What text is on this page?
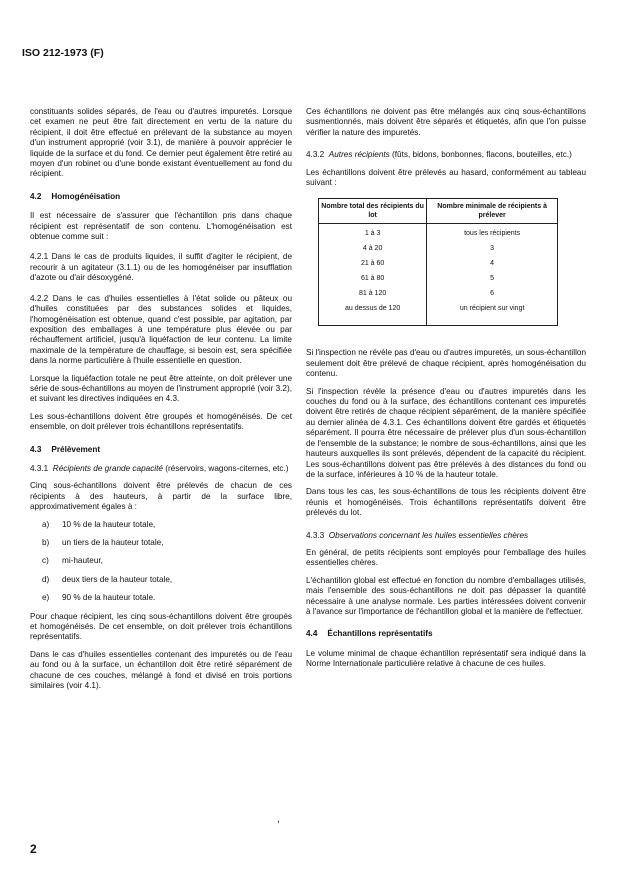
ISO 212-1973 (F)

constituants solides séparés, de l'eau ou d'autres impuretés. Lorsque cet examen ne peut être fait directement en vertu de la nature du récipient, il doit être effectué en prélevant de la substance au moyen d'un instrument approprié (voir 3.1), de manière à pouvoir apprécier le liquide de la surface et du fond. Ce dernier peut également être retiré au moyen d'un robinet ou d'une bonde existant éventuellement au fond du récipient.

4.2 Homogénéisation

Il est nécessaire de s'assurer que l'échantillon pris dans chaque récipient est représentatif de son contenu. L'homogénéisation est obtenue comme suit :

4.2.1 Dans le cas de produits liquides, il suffit d'agiter le récipient, de recourir à un agitateur (3.1.1) ou de les homogénéiser par insufflation d'azote ou d'air désoxygéné.

4.2.2 Dans le cas d'huiles essentielles à l'état solide ou pâteux ou d'huiles constituées par des substances solides et liquides, l'homogénéisation est obtenue, quand c'est possible, par agitation, par exposition des emballages à une température plus élevée ou par réchauffement artificiel, jusqu'à liquéfaction de leur contenu. La limite maximale de la température de chauffage, si besoin est, sera spécifiée dans la norme particulière à l'huile essentielle en question.

Lorsque la liquéfaction totale ne peut être atteinte, on doit prélever une série de sous-échantillons au moyen de l'instrument approprié (voir 3.2), et suivant les directives indiquées en 4.3.

Les sous-échantillons doivent être groupés et homogénéisés. De cet ensemble, on doit prélever trois échantillons représentatifs.

4.3 Prélèvement

4.3.1 Récipients de grande capacité (réservoirs, wagons-citernes, etc.)

Cinq sous-échantillons doivent être prélevés de chacun de ces récipients à des hauteurs, à partir de la surface libre, approximativement égales à :

a) 10 % de la hauteur totale,
b) un tiers de la hauteur totale,
c) mi-hauteur,
d) deux tiers de la hauteur totale,
e) 90 % de la hauteur totale.

Pour chaque récipient, les cinq sous-échantillons doivent être groupés et homogénéisés. De cet ensemble, on doit prélever trois échantillons représentatifs.

Dans le cas d'huiles essentielles contenant des impuretés ou de l'eau au fond ou à la surface, un échantillon doit être retiré séparément de chacune de ces couches, mélangé à fond et divisé en trois portions similaires (voir 4.1).

Ces échantillons ne doivent pas être mélangés aux cinq sous-échantillons susmentionnés, mais doivent être séparés et étiquetés, afin que l'on puisse vérifier la nature des impuretés.

4.3.2 Autres récipients (fûts, bidons, bonbonnes, flacons, bouteilles, etc.)

Les échantillons doivent être prélevés au hasard, conformément au tableau suivant :

Nombre total des récipients du lot	Nombre minimale de récipients à prélever
1 à 3	tous les récipients
4 à 20	3
21 à 60	4
61 à 80	5
81 à 120	6
au dessus de 120	un récipient sur vingt

Si l'inspection ne révèle pas d'eau ou d'autres impuretés, un sous-échantillon seulement doit être prélevé de chaque récipient, après homogénéisation du contenu.

Si l'inspection révèle la présence d'eau ou d'autres impuretés dans les couches du fond ou à la surface, des échantillons contenant ces impuretés doivent être retirés de chaque récipient séparément, de la manière spécifiée au dernier alinéa de 4.3.1. Ces échantillons doivent être gardés et étiquetés séparément. Il pourra être nécessaire de prélever plus d'un sous-échantillon de l'ensemble de la substance; le nombre de sous-échantillons, ainsi que les hauteurs auxquelles ils sont prélevés, dépendent de la capacité du récipient. Les sous-échantillons doivent pas être prélevés à des distances du fond ou de la surface, inférieures à 10 % de la hauteur totale.

Dans tous les cas, les sous-échantillons de tous les récipients doivent être réunis et homogénéisés. Trois échantillons représentatifs doivent être prélevés du lot.

4.3.3 Observations concernant les huiles essentielles chères

En général, de petits récipients sont employés pour l'emballage des huiles essentielles chères.

L'échantillon global est effectué en fonction du nombre d'emballages utilisés, mais l'ensemble des sous-échantillons ne doit pas dépasser la quantité nécessaire à une analyse normale. Les parties intéressées doivent convenir à l'avance sur l'importance de l'échantillon global et la manière de l'effectuer.

4.4 Échantillons représentatifs

Le volume minimal de chaque échantillon représentatif sera indiqué dans la Norme Internationale particulière relative à chacune de ces huiles.

,
2
